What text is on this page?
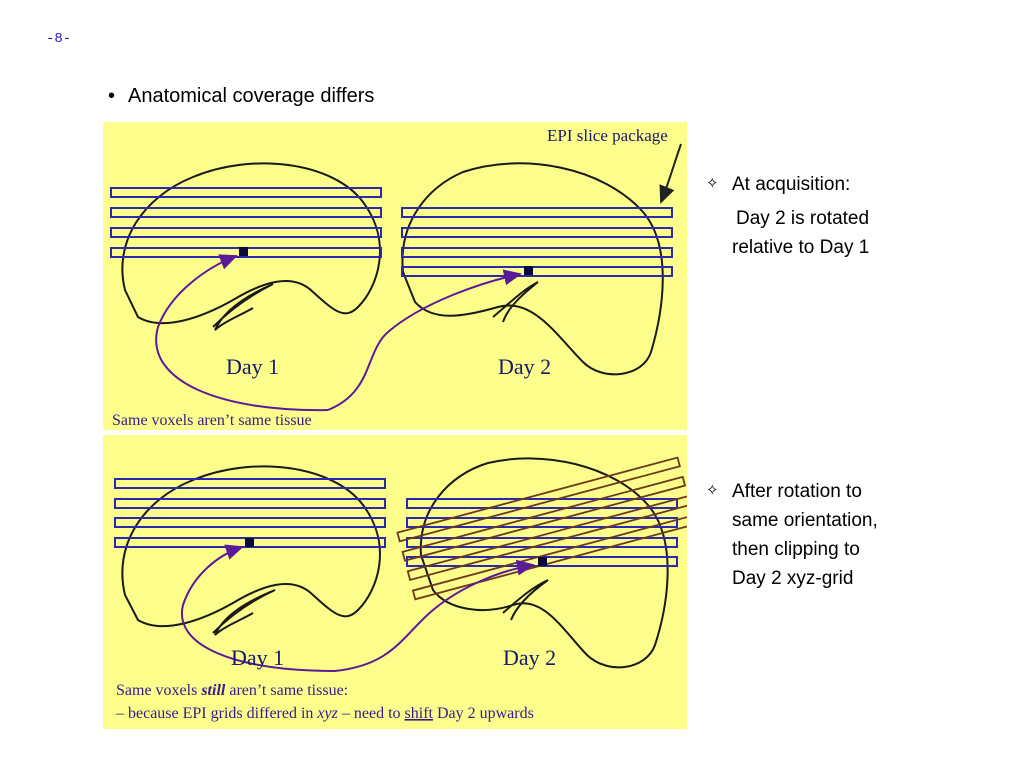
-8-
• Anatomical coverage differs
EPI slice package
Day 1	Day 2
Same voxels aren’t same tissue
Day 1	Day 2
Same voxels still aren’t same tissue:
– because EPI grids differed in xyz – need to shift Day 2 upwards
✧ At acquisition:
Day 2 is rotated
relative to Day 1
✧ After rotation to
same orientation,
then clipping to
Day 2 xyz-grid
